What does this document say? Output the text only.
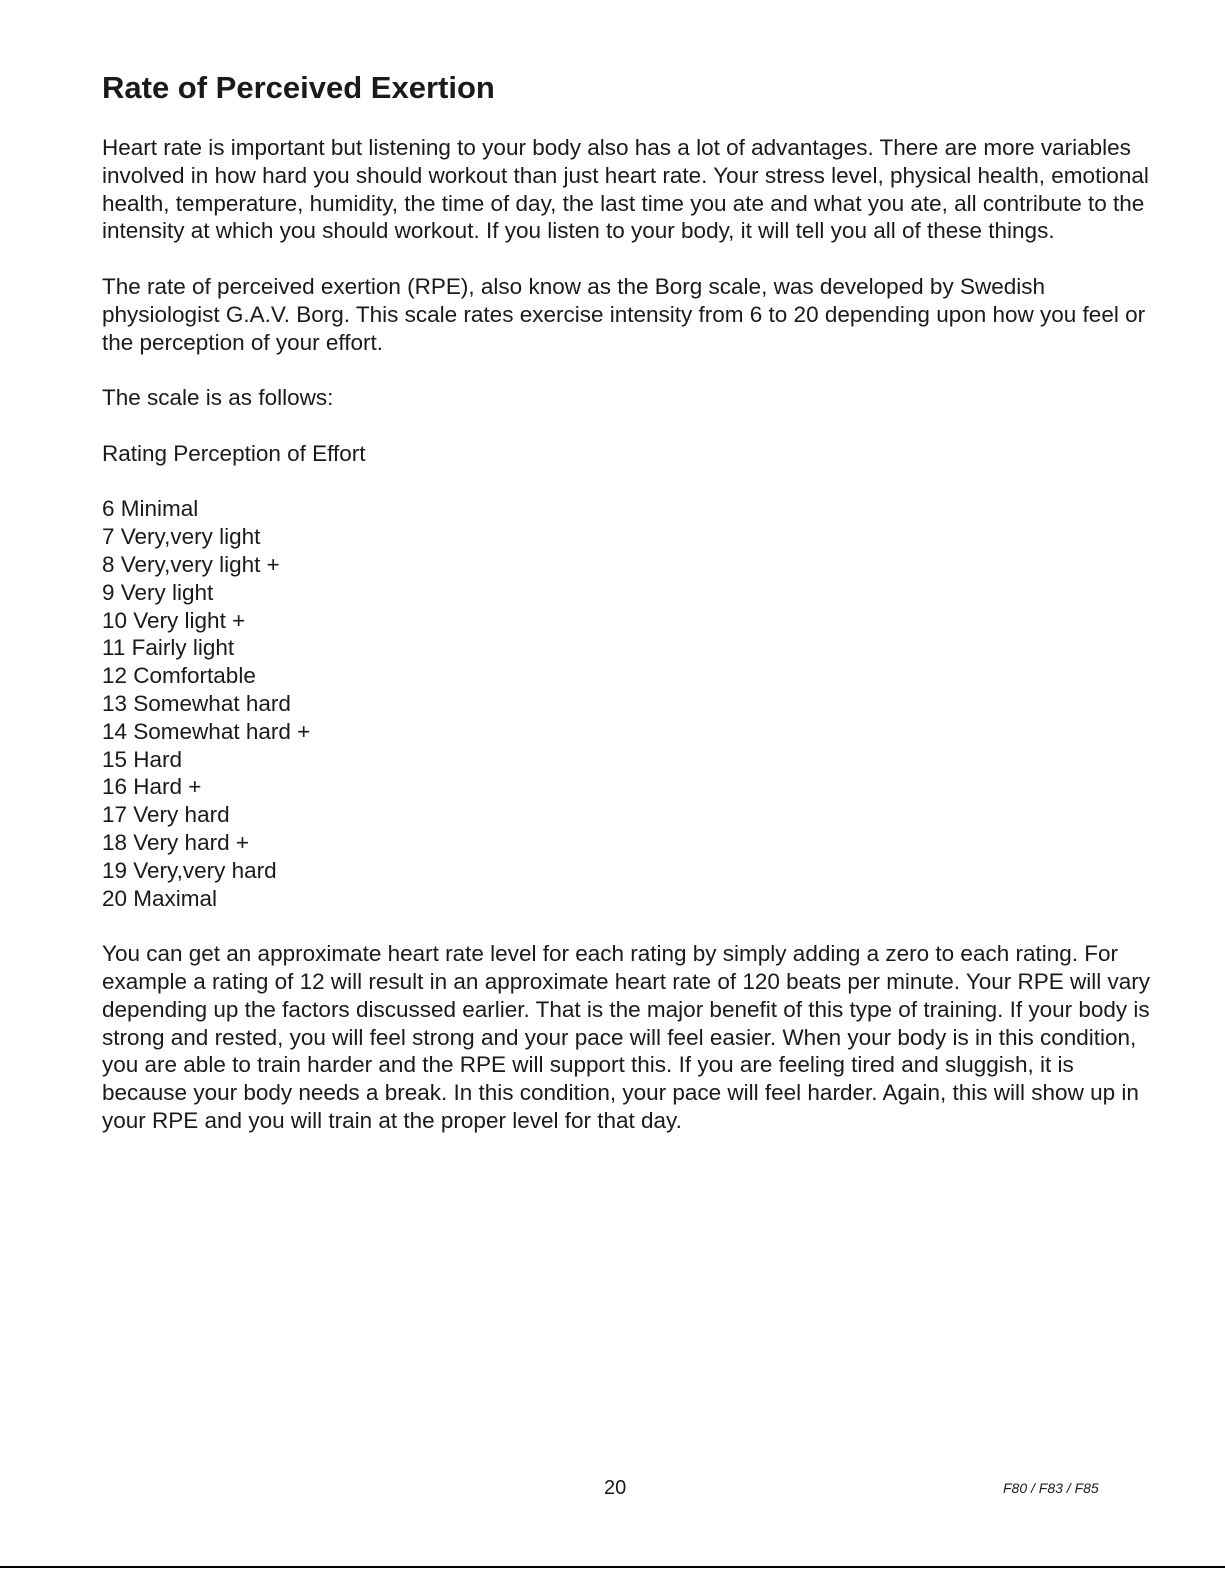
Rate of Perceived Exertion

Heart rate is important but listening to your body also has a lot of advantages. There are more variables involved in how hard you should workout than just heart rate. Your stress level, physical health, emotional health, temperature, humidity, the time of day, the last time you ate and what you ate, all contribute to the intensity at which you should workout. If you listen to your body, it will tell you all of these things.

The rate of perceived exertion (RPE), also know as the Borg scale, was developed by Swedish physiologist G.A.V. Borg. This scale rates exercise intensity from 6 to 20 depending upon how you feel or the perception of your effort.

The scale is as follows:

Rating Perception of Effort
6 Minimal
7 Very,very light
8 Very,very light +
9 Very light
10 Very light +
11 Fairly light
12 Comfortable
13 Somewhat hard
14 Somewhat hard +
15 Hard
16 Hard +
17 Very hard
18 Very hard +
19 Very,very hard
20 Maximal

You can get an approximate heart rate level for each rating by simply adding a zero to each rating. For example a rating of 12 will result in an approximate heart rate of 120 beats per minute. Your RPE will vary depending up the factors discussed earlier. That is the major benefit of this type of training. If your body is strong and rested, you will feel strong and your pace will feel easier. When your body is in this condition, you are able to train harder and the RPE will support this. If you are feeling tired and sluggish, it is because your body needs a break. In this condition, your pace will feel harder. Again, this will show up in your RPE and you will train at the proper level for that day.

20	F80 / F83 / F85
